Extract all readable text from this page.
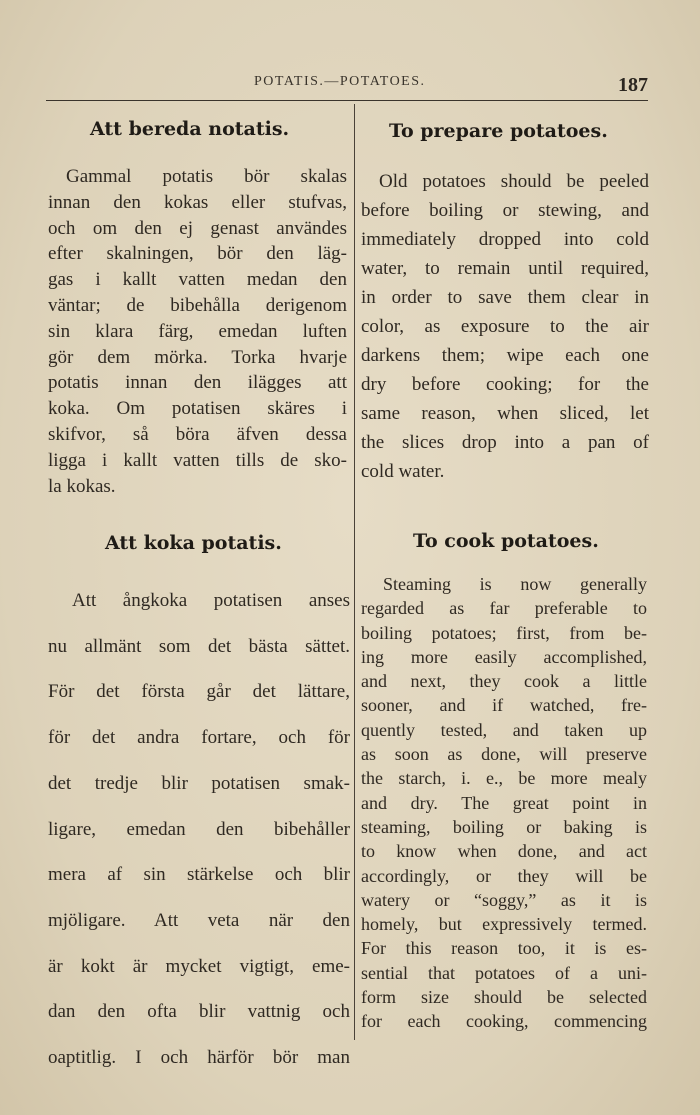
POTATIS.—POTATOES.	187
Att bereda notatis.
Gammal potatis bör skalas
innan den kokas eller stufvas,
och om den ej genast användes
efter skalningen, bör den läg-
gas i kallt vatten medan den
väntar; de bibehålla derigenom
sin klara färg, emedan luften
gör dem mörka. Torka hvarje
potatis innan den ilägges att
koka. Om potatisen skäres i
skifvor, så böra äfven dessa
ligga i kallt vatten tills de sko-
la kokas.
Att koka potatis.
Att ångkoka potatisen anses
nu allmänt som det bästa sättet.
För det första går det lättare,
för det andra fortare, och för
det tredje blir potatisen smak-
ligare, emedan den bibehåller
mera af sin stärkelse och blir
mjöligare. Att veta när den
är kokt är mycket vigtigt, eme-
dan den ofta blir vattnig och
oaptitlig. I och härför bör man
To prepare potatoes.
Old potatoes should be peeled
before boiling or stewing, and
immediately dropped into cold
water, to remain until required,
in order to save them clear in
color, as exposure to the air
darkens them; wipe each one
dry before cooking; for the
same reason, when sliced, let
the slices drop into a pan of
cold water.
To cook potatoes.
Steaming is now generally
regarded as far preferable to
boiling potatoes; first, from be-
ing more easily accomplished,
and next, they cook a little
sooner, and if watched, fre-
quently tested, and taken up
as soon as done, will preserve
the starch, i. e., be more mealy
and dry. The great point in
steaming, boiling or baking is
to know when done, and act
accordingly, or they will be
watery or “soggy,” as it is
homely, but expressively termed.
For this reason too, it is es-
sential that potatoes of a uni-
form size should be selected
for each cooking, commencing
